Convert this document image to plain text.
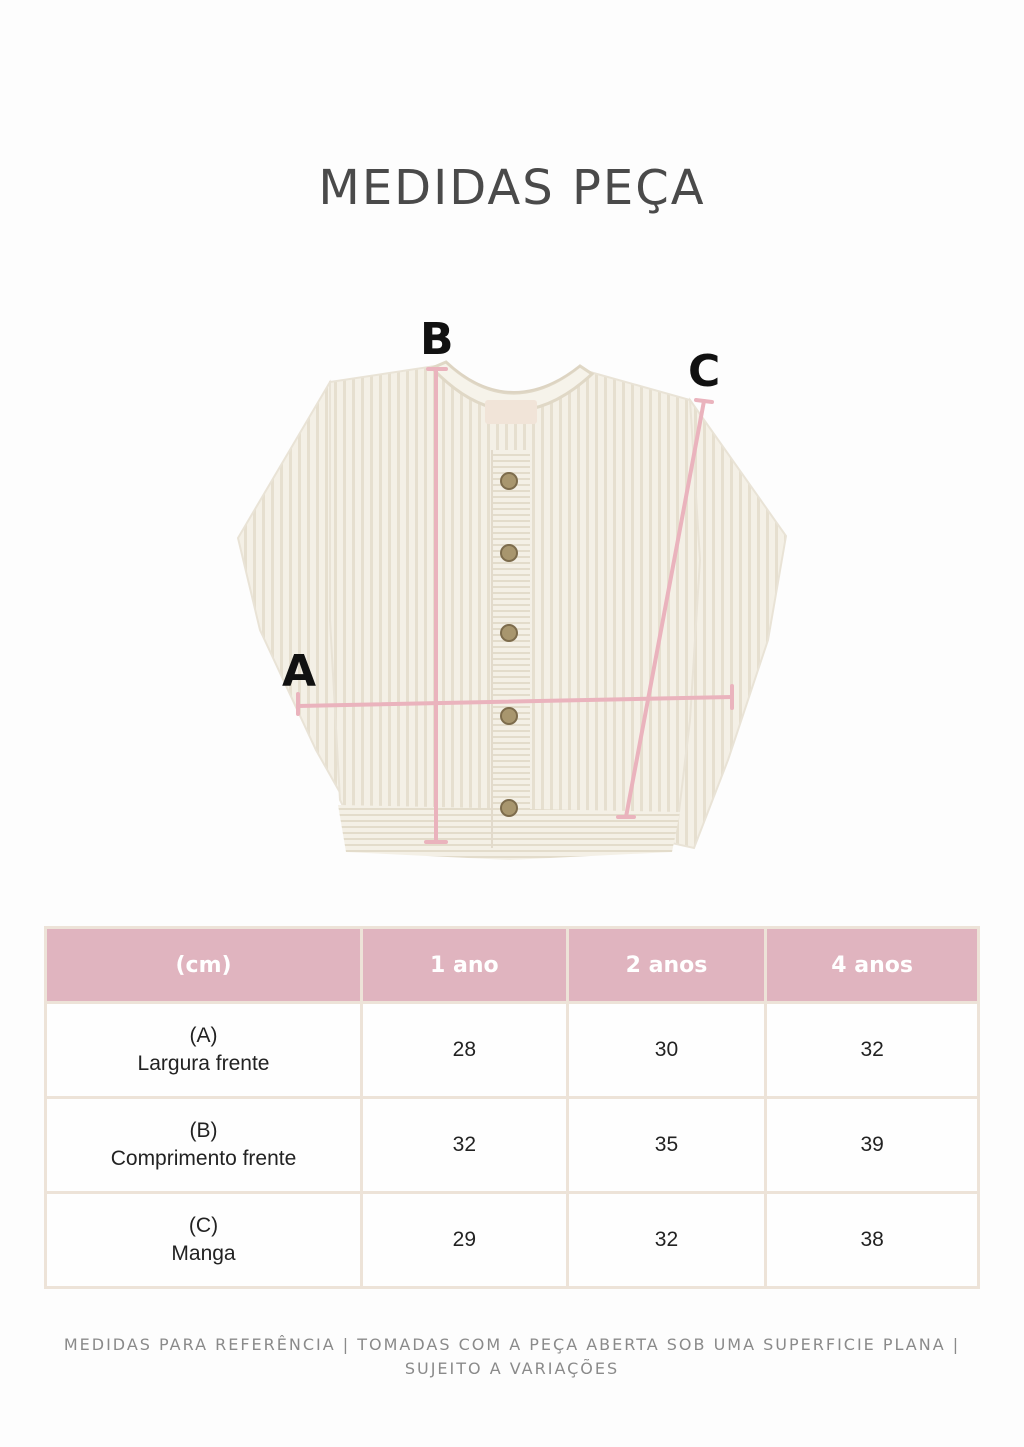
MEDIDAS PEÇA
B
C
A
(cm)	1 ano	2 anos	4 anos

(A)
Largura frente	28	30	32

(B)
Comprimento frente	32	35	39

(C)
Manga	29	32	38
MEDIDAS PARA REFERÊNCIA | TOMADAS COM A PEÇA ABERTA SOB UMA SUPERFICIE PLANA |
SUJEITO A VARIAÇÕES
